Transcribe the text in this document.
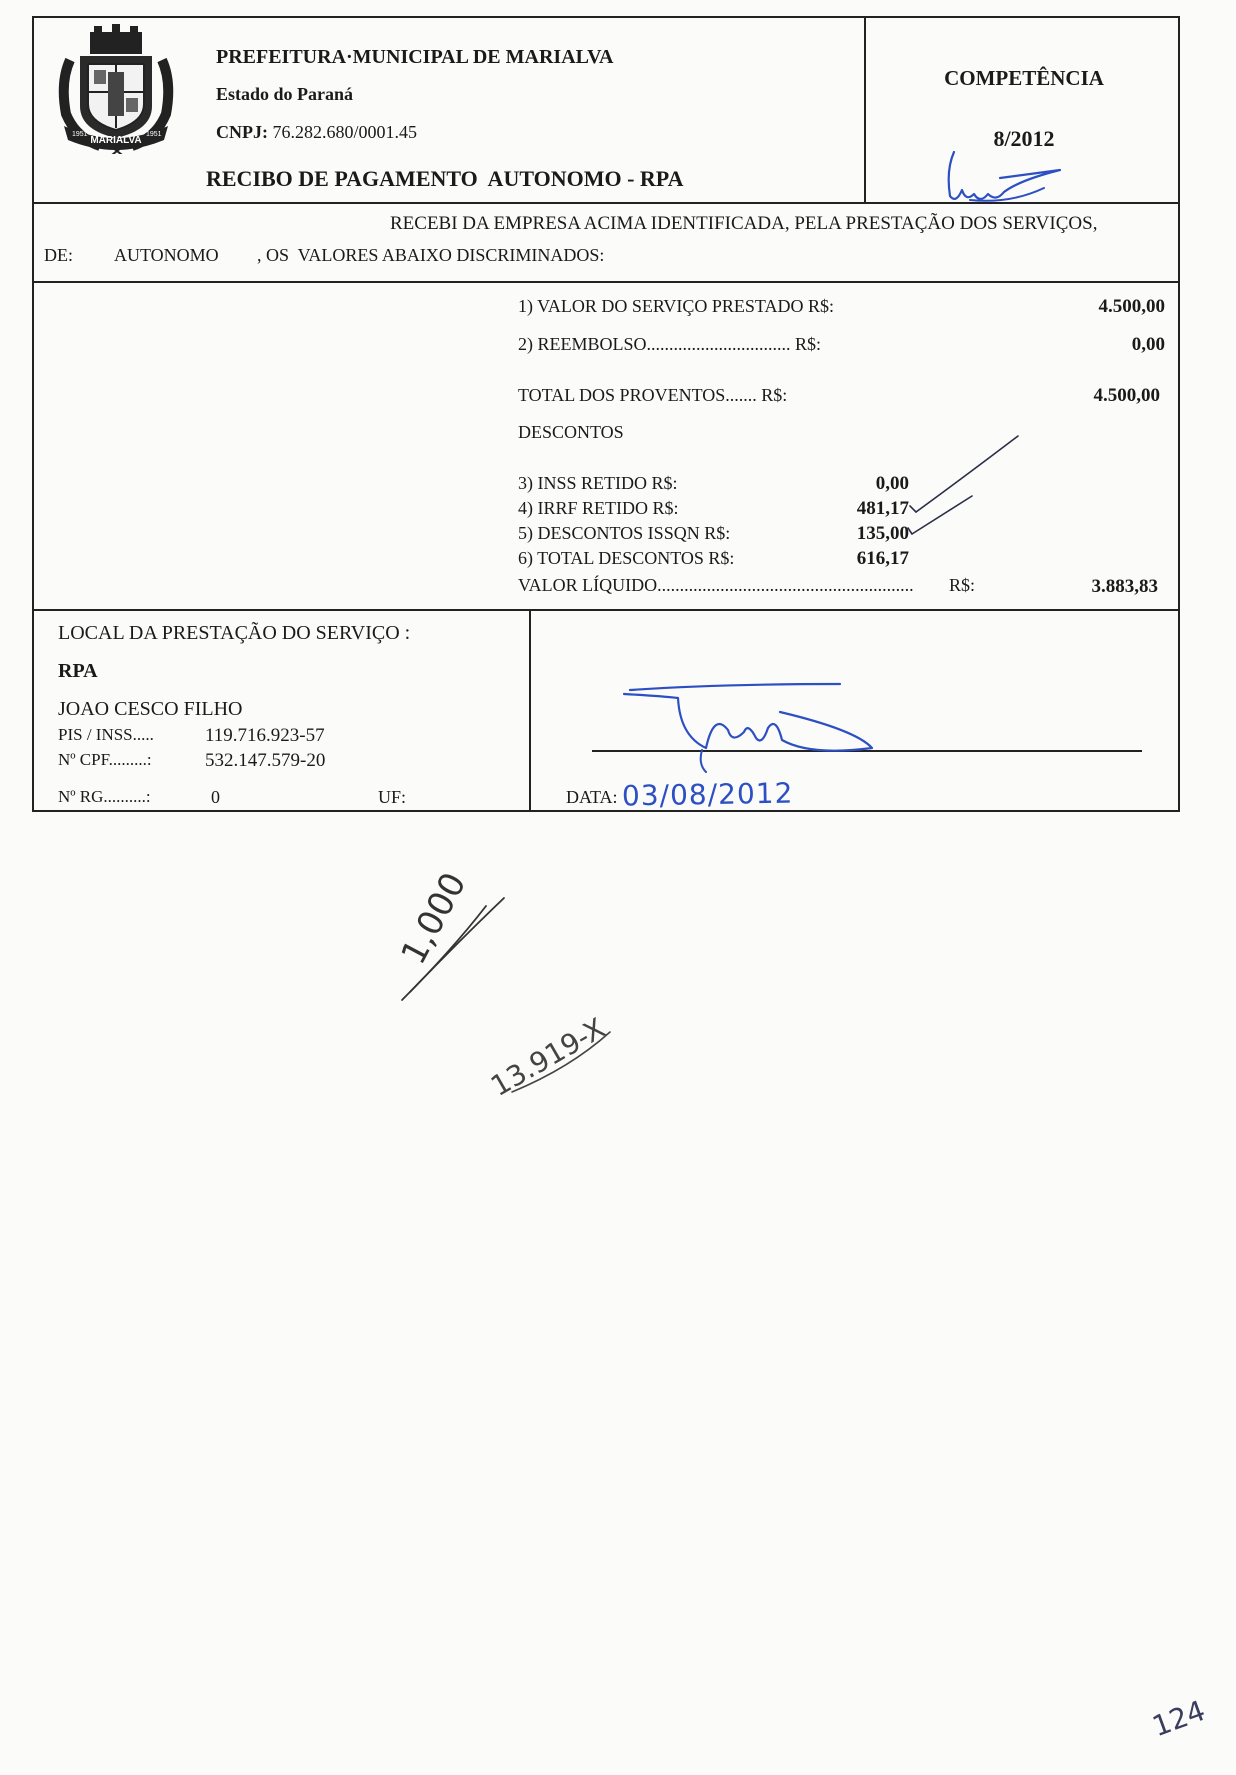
MARIALVA
1951	1951
PREFEITURA·MUNICIPAL DE MARIALVA
Estado do Paraná
CNPJ: 76.282.680/0001.45
RECIBO DE PAGAMENTO  AUTONOMO - RPA
COMPETÊNCIA
8/2012
RECEBI DA EMPRESA ACIMA IDENTIFICADA, PELA PRESTAÇÃO DOS SERVIÇOS,
DE: AUTONOMO , OS  VALORES ABAIXO DISCRIMINADOS:
1) VALOR DO SERVIÇO PRESTADO R$:	4.500,00
2) REEMBOLSO................................ R$:	0,00
TOTAL DOS PROVENTOS....... R$:	4.500,00
DESCONTOS
3) INSS RETIDO R$:	0,00
4) IRRF RETIDO R$:	481,17
5) DESCONTOS ISSQN R$:	135,00
6) TOTAL DESCONTOS R$:	616,17
VALOR LÍQUIDO......................................................... R$:	3.883,83
LOCAL DA PRESTAÇÃO DO SERVIÇO :
RPA
JOAO CESCO FILHO
PIS / INSS.....	119.716.923-57
Nº CPF.........:	532.147.579-20
Nº RG..........:	0	UF:	DATA: 03/08/2012
1,000
13.919-X
124
